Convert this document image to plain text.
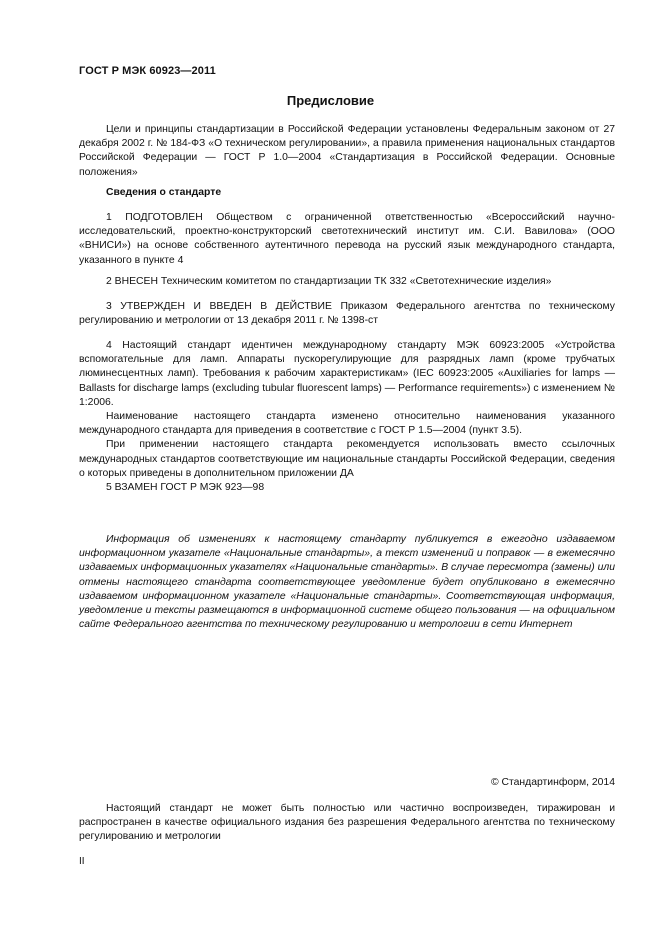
ГОСТ Р МЭК 60923—2011
Предисловие

Цели и принципы стандартизации в Российской Федерации установлены Федеральным законом от 27 декабря 2002 г. № 184-ФЗ «О техническом регулировании», а правила применения национальных стандартов Российской Федерации — ГОСТ Р 1.0—2004 «Стандартизация в Российской Федерации. Основные положения»

Сведения о стандарте

1 ПОДГОТОВЛЕН Обществом с ограниченной ответственностью «Всероссийский научно-исследовательский, проектно-конструкторский светотехнический институт им. С.И. Вавилова» (ООО «ВНИСИ») на основе собственного аутентичного перевода на русский язык международного стандарта, указанного в пункте 4

2 ВНЕСЕН Техническим комитетом по стандартизации ТК 332 «Светотехнические изделия»

3 УТВЕРЖДЕН И ВВЕДЕН В ДЕЙСТВИЕ Приказом Федерального агентства по техническому регулированию и метрологии от 13 декабря 2011 г. № 1398-ст

4 Настоящий стандарт идентичен международному стандарту МЭК 60923:2005 «Устройства вспомогательные для ламп. Аппараты пускорегулирующие для разрядных ламп (кроме трубчатых люминесцентных ламп). Требования к рабочим характеристикам» (IEC 60923:2005 «Auxiliaries for lamps — Ballasts for discharge lamps (excluding tubular fluorescent lamps) — Performance requirements») с изменением № 1:2006.

Наименование настоящего стандарта изменено относительно наименования указанного международного стандарта для приведения в соответствие с ГОСТ Р 1.5—2004 (пункт 3.5).

При применении настоящего стандарта рекомендуется использовать вместо ссылочных международных стандартов соответствующие им национальные стандарты Российской Федерации, сведения о которых приведены в дополнительном приложении ДА

5 ВЗАМЕН ГОСТ Р МЭК 923—98

Информация об изменениях к настоящему стандарту публикуется в ежегодно издаваемом информационном указателе «Национальные стандарты», а текст изменений и поправок — в ежемесячно издаваемых информационных указателях «Национальные стандарты». В случае пересмотра (замены) или отмены настоящего стандарта соответствующее уведомление будет опубликовано в ежемесячно издаваемом информационном указателе «Национальные стандарты». Соответствующая информация, уведомление и тексты размещаются в информационной системе общего пользования — на официальном сайте Федерального агентства по техническому регулированию и метрологии в сети Интернет

© Стандартинформ, 2014

Настоящий стандарт не может быть полностью или частично воспроизведен, тиражирован и распространен в качестве официального издания без разрешения Федерального агентства по техническому регулированию и метрологии

II
